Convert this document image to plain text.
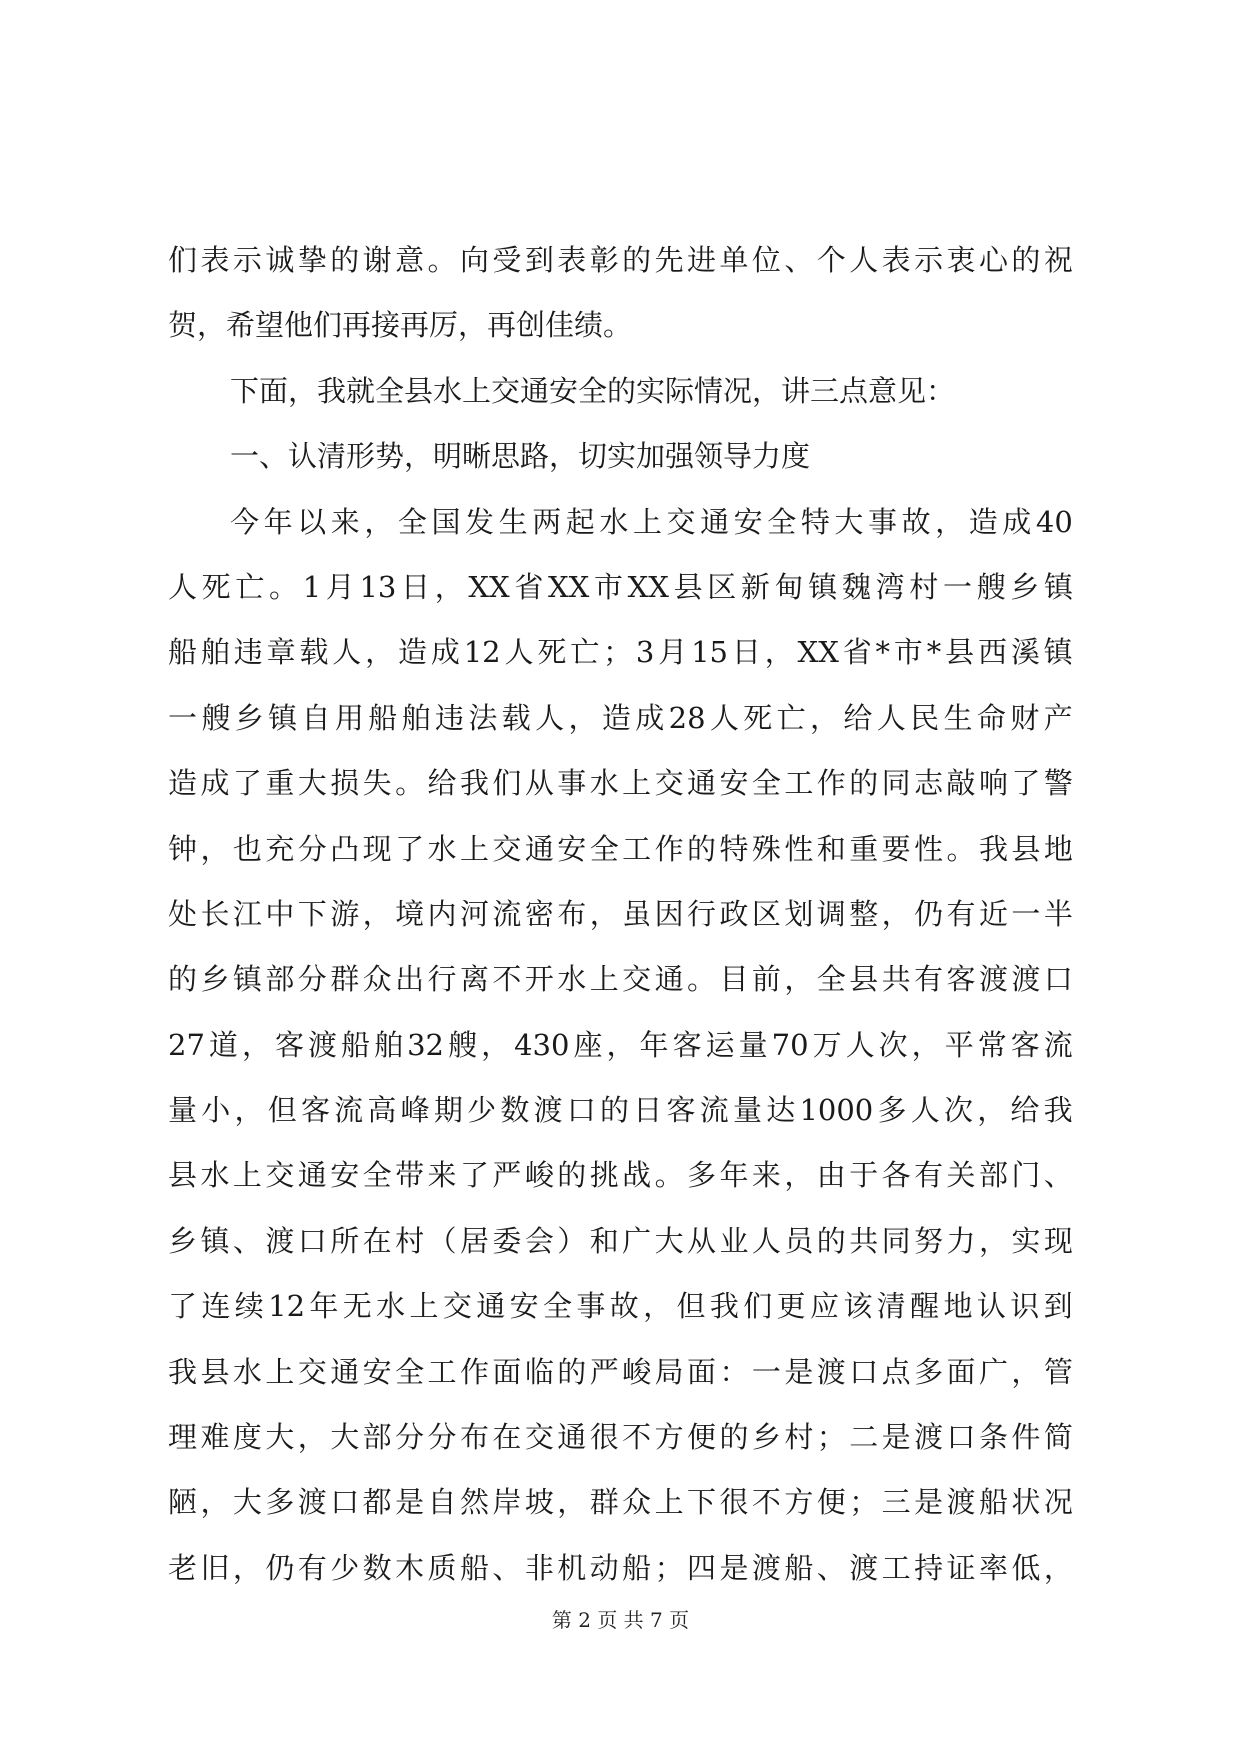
们 表 示 诚 挚 的 谢 意 。 向 受 到 表 彰 的 先 进 单 位 、 个 人 表 示 衷 心 的 祝
贺，希望他们再接再厉，再创佳绩。
下面，我就全县水上交通安全的实际情况，讲三点意见：
一、认清形势，明晰思路，切实加强领导力度
今 年 以 来 ， 全 国 发 生 两 起 水 上 交 通 安 全 特 大 事 故 ， 造 成 40
人 死 亡 。 1 月 13 日 ， XX 省 XX 市 XX 县 区 新 甸 镇 魏 湾 村 一 艘 乡 镇
船 舶 违 章 载 人 ， 造 成 12 人 死 亡 ； 3 月 15 日 ， XX 省 * 市 * 县 西 溪 镇
一 艘 乡 镇 自 用 船 舶 违 法 载 人 ， 造 成 28 人 死 亡 ， 给 人 民 生 命 财 产
造 成 了 重 大 损 失 。 给 我 们 从 事 水 上 交 通 安 全 工 作 的 同 志 敲 响 了 警
钟 ， 也 充 分 凸 现 了 水 上 交 通 安 全 工 作 的 特 殊 性 和 重 要 性 。 我 县 地
处 长 江 中 下 游 ， 境 内 河 流 密 布 ， 虽 因 行 政 区 划 调 整 ， 仍 有 近 一 半
的 乡 镇 部 分 群 众 出 行 离 不 开 水 上 交 通 。 目 前 ， 全 县 共 有 客 渡 渡 口
27 道 ， 客 渡 船 舶 32 艘 ， 430 座 ， 年 客 运 量 70 万 人 次 ， 平 常 客 流
量 小 ， 但 客 流 高 峰 期 少 数 渡 口 的 日 客 流 量 达 1000 多 人 次 ， 给 我
县 水 上 交 通 安 全 带 来 了 严 峻 的 挑 战 。 多 年 来 ， 由 于 各 有 关 部 门 、
乡 镇 、 渡 口 所 在 村 （ 居 委 会 ） 和 广 大 从 业 人 员 的 共 同 努 力 ， 实 现
了 连 续 12 年 无 水 上 交 通 安 全 事 故 ， 但 我 们 更 应 该 清 醒 地 认 识 到
我 县 水 上 交 通 安 全 工 作 面 临 的 严 峻 局 面 ： 一 是 渡 口 点 多 面 广 ， 管
理 难 度 大 ， 大 部 分 分 布 在 交 通 很 不 方 便 的 乡 村 ； 二 是 渡 口 条 件 简
陋 ， 大 多 渡 口 都 是 自 然 岸 坡 ， 群 众 上 下 很 不 方 便 ； 三 是 渡 船 状 况
老 旧 ， 仍 有 少 数 木 质 船 、 非 机 动 船 ； 四 是 渡 船 、 渡 工 持 证 率 低 ，
第 2 页 共 7 页
